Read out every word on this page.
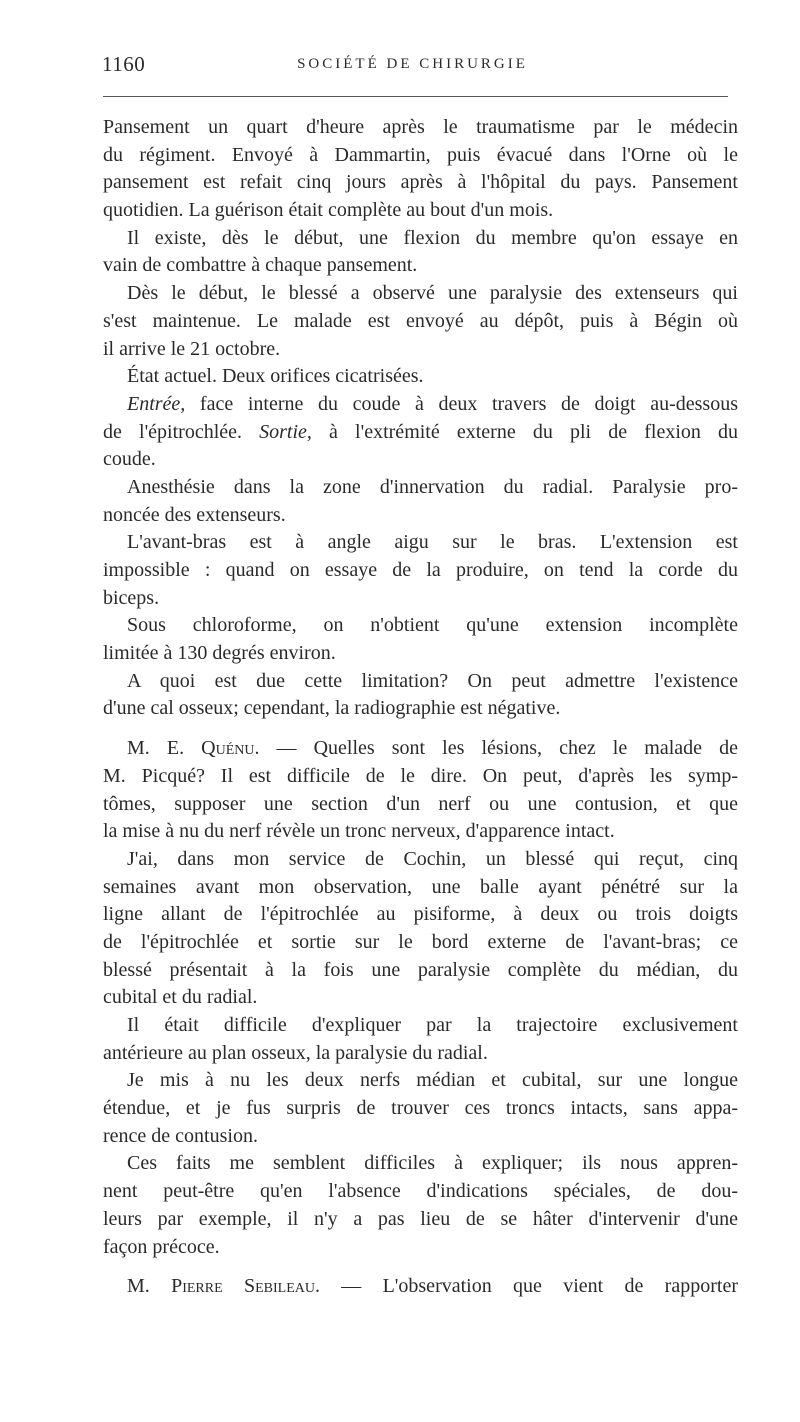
1160	SOCIÉTÉ DE CHIRURGIE
Pansement un quart d'heure après le traumatisme par le médecin
du régiment. Envoyé à Dammartin, puis évacué dans l'Orne où le
pansement est refait cinq jours après à l'hôpital du pays. Pansement
quotidien. La guérison était complète au bout d'un mois.
Il existe, dès le début, une flexion du membre qu'on essaye en
vain de combattre à chaque pansement.
Dès le début, le blessé a observé une paralysie des extenseurs qui
s'est maintenue. Le malade est envoyé au dépôt, puis à Bégin où
il arrive le 21 octobre.
État actuel. Deux orifices cicatrisées.
Entrée, face interne du coude à deux travers de doigt au-dessous
de l'épitrochlée. Sortie, à l'extrémité externe du pli de flexion du
coude.
Anesthésie dans la zone d'innervation du radial. Paralysie pro-
noncée des extenseurs.
L'avant-bras est à angle aigu sur le bras. L'extension est
impossible : quand on essaye de la produire, on tend la corde du
biceps.
Sous chloroforme, on n'obtient qu'une extension incomplète
limitée à 130 degrés environ.
A quoi est due cette limitation? On peut admettre l'existence
d'une cal osseux; cependant, la radiographie est négative.
M. E. Quénu. — Quelles sont les lésions, chez le malade de
M. Picqué? Il est difficile de le dire. On peut, d'après les symp-
tômes, supposer une section d'un nerf ou une contusion, et que
la mise à nu du nerf révèle un tronc nerveux, d'apparence intact.
J'ai, dans mon service de Cochin, un blessé qui reçut, cinq
semaines avant mon observation, une balle ayant pénétré sur la
ligne allant de l'épitrochlée au pisiforme, à deux ou trois doigts
de l'épitrochlée et sortie sur le bord externe de l'avant-bras; ce
blessé présentait à la fois une paralysie complète du médian, du
cubital et du radial.
Il était difficile d'expliquer par la trajectoire exclusivement
antérieure au plan osseux, la paralysie du radial.
Je mis à nu les deux nerfs médian et cubital, sur une longue
étendue, et je fus surpris de trouver ces troncs intacts, sans appa-
rence de contusion.
Ces faits me semblent difficiles à expliquer; ils nous appren-
nent peut-être qu'en l'absence d'indications spéciales, de dou-
leurs par exemple, il n'y a pas lieu de se hâter d'intervenir d'une
façon précoce.
M. Pierre Sebileau. — L'observation que vient de rapporter
